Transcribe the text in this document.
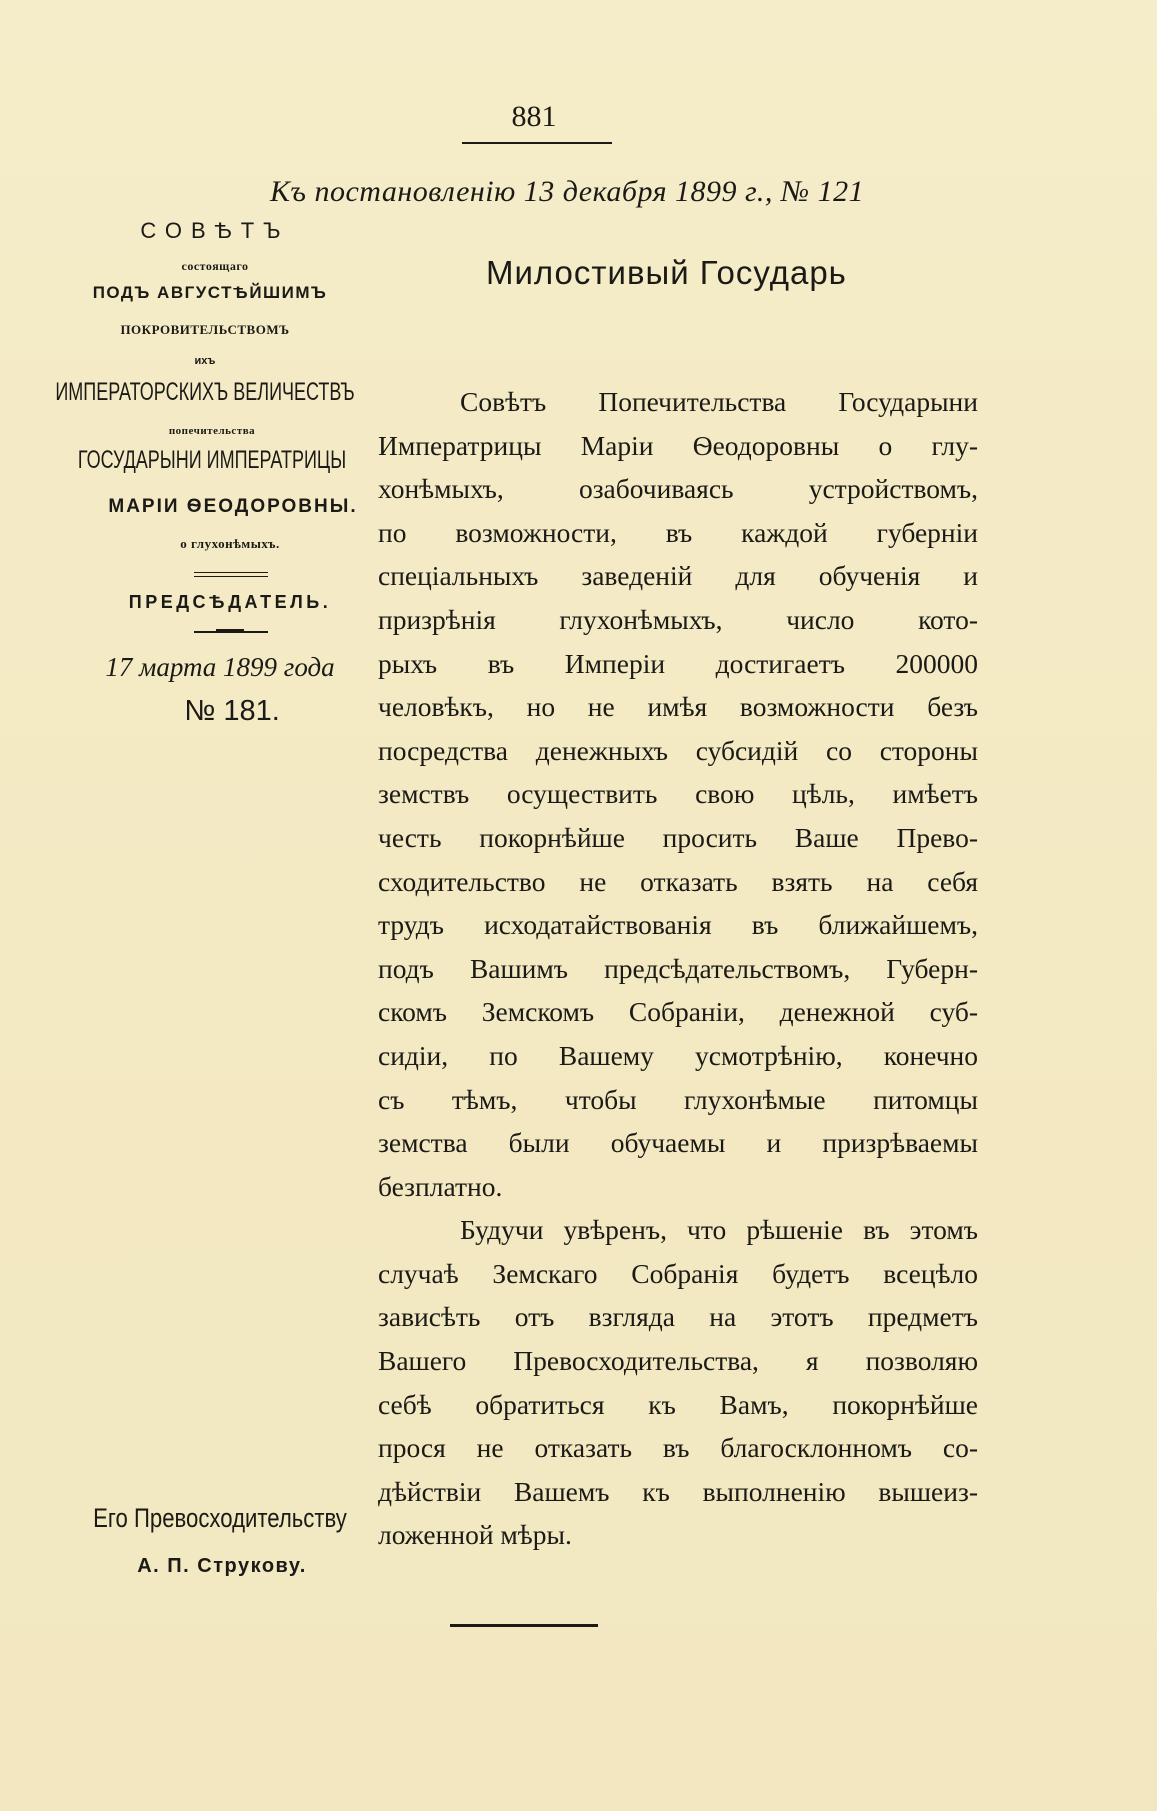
881
Къ постановленію 13 декабря 1899 г., № 121
СОВѢТЪ
состоящаго
ПОДЪ АВГУСТѢЙШИМЪ
ПОКРОВИТЕЛЬСТВОМЪ
ихъ
ИМПЕРАТОРСКИХЪ ВЕЛИЧЕСТВЪ
попечительства
ГОСУДАРЫНИ ИМПЕРАТРИЦЫ
МАРІИ ѲЕОДОРОВНЫ.
о глухонѣмыхъ.
ПРЕДСѢДАТЕЛЬ.
17 марта 1899 года
№ 181.
Его Превосходительству
А. П. Струкову.
Милостивый Государь
Совѣтъ Попечительства Государыни
Императрицы Маріи Ѳеодоровны о глу-
хонѣмыхъ, озабочиваясь устройствомъ,
по возможности, въ каждой губерніи
спеціальныхъ заведеній для обученія и
призрѣнія глухонѣмыхъ, число кото-
рыхъ въ Имперіи достигаетъ 200000
человѣкъ, но не имѣя возможности безъ
посредства денежныхъ субсидій со стороны
земствъ осуществить свою цѣль, имѣетъ
честь покорнѣйше просить Ваше Прево-
сходительство не отказать взять на себя
трудъ исходатайствованія въ ближайшемъ,
подъ Вашимъ предсѣдательствомъ, Губерн-
скомъ Земскомъ Собраніи, денежной суб-
сидіи, по Вашему усмотрѣнію, конечно
съ тѣмъ, чтобы глухонѣмые питомцы
земства были обучаемы и призрѣваемы
безплатно.
Будучи увѣренъ, что рѣшеніе въ этомъ
случаѣ Земскаго Собранія будетъ всецѣло
зависѣть отъ взгляда на этотъ предметъ
Вашего Превосходительства, я позволяю
себѣ обратиться къ Вамъ, покорнѣйше
прося не отказать въ благосклонномъ со-
дѣйствіи Вашемъ къ выполненію вышеиз-
ложенной мѣры.
